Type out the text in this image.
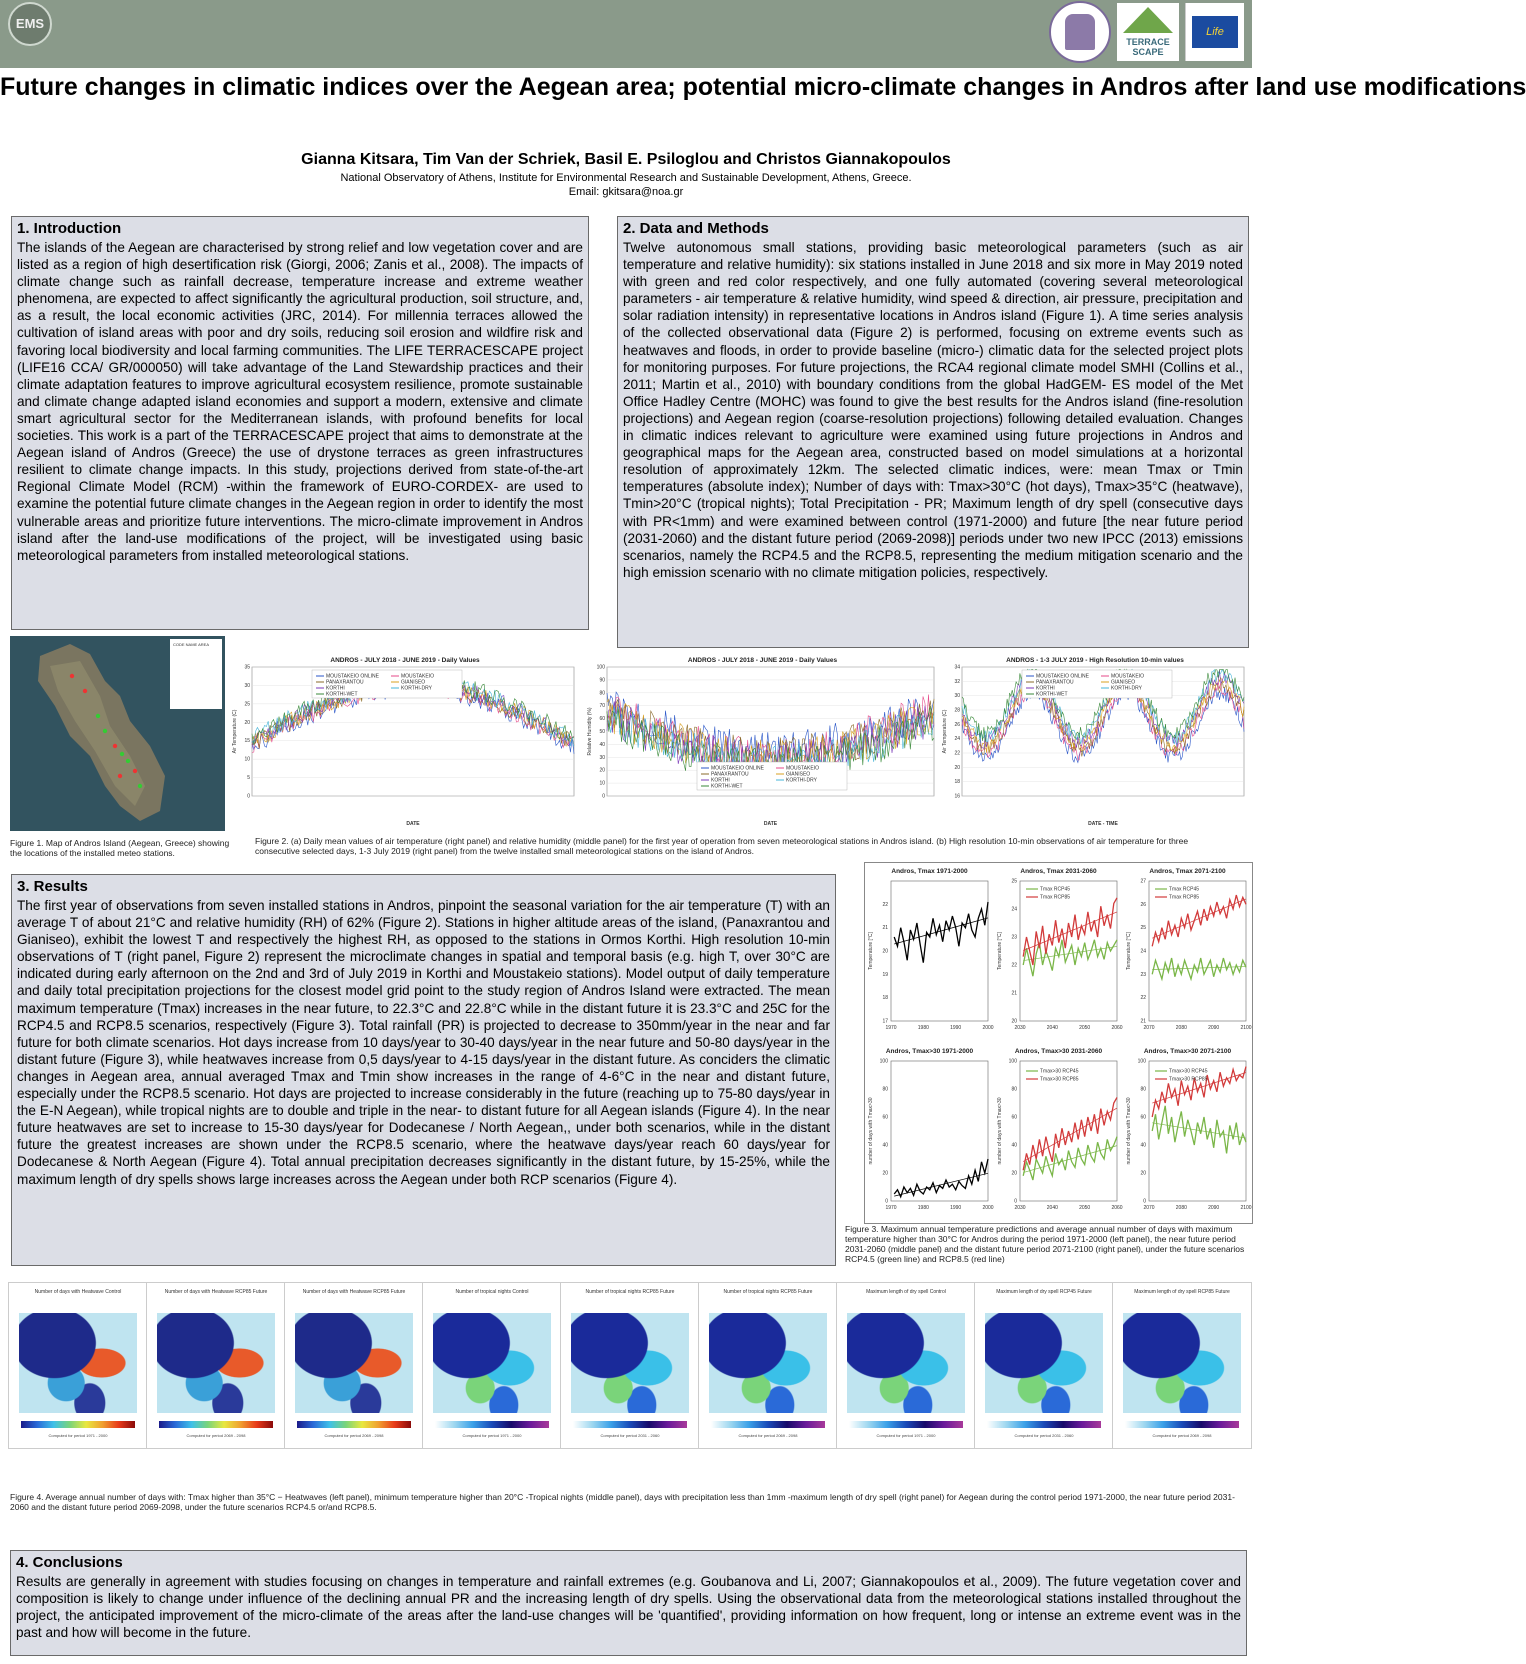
EMS
TERRACE SCAPE
Life
Future changes in climatic indices over the Aegean area; potential micro-climate changes in Andros after land use modifications
Gianna Kitsara, Tim Van der Schriek, Basil E. Psiloglou and Christos Giannakopoulos
National Observatory of Athens, Institute for Environmental Research and Sustainable Development, Athens, Greece.
Email: gkitsara@noa.gr
1. Introduction

The islands of the Aegean are characterised by strong relief and low vegetation cover and are listed as a region of high desertification risk (Giorgi, 2006; Zanis et al., 2008). The impacts of climate change such as rainfall decrease, temperature increase and extreme weather phenomena, are expected to affect significantly the agricultural production, soil structure, and, as a result, the local economic activities (JRC, 2014). For millennia terraces allowed the cultivation of island areas with poor and dry soils, reducing soil erosion and wildfire risk and favoring local biodiversity and local farming communities. The LIFE TERRACESCAPE project (LIFE16 CCA/ GR/000050) will take advantage of the Land Stewardship practices and their climate adaptation features to improve agricultural ecosystem resilience, promote sustainable and climate change adapted island economies and support a modern, extensive and climate smart agricultural sector for the Mediterranean islands, with profound benefits for local societies. This work is a part of the TERRACESCAPE project that aims to demonstrate at the Aegean island of Andros (Greece) the use of drystone terraces as green infrastructures resilient to climate change impacts. In this study, projections derived from state-of-the-art Regional Climate Model (RCM) -within the framework of EURO-CORDEX- are used to examine the potential future climate changes in the Aegean region in order to identify the most vulnerable areas and prioritize future interventions. The micro-climate improvement in Andros island after the land-use modifications of the project, will be investigated using basic meteorological parameters from installed meteorological stations.

2. Data and Methods

Twelve autonomous small stations, providing basic meteorological parameters (such as air temperature and relative humidity): six stations installed in June 2018 and six more in May 2019 noted with green and red color respectively, and one fully automated (covering several meteorological parameters - air temperature & relative humidity, wind speed & direction, air pressure, precipitation and solar radiation intensity) in representative locations in Andros island (Figure 1). A time series analysis of the collected observational data (Figure 2) is performed, focusing on extreme events such as heatwaves and floods, in order to provide baseline (micro-) climatic data for the selected project plots for monitoring purposes. For future projections, the RCA4 regional climate model SMHI (Collins et al., 2011; Martin et al., 2010) with boundary conditions from the global HadGEM- ES model of the Met Office Hadley Centre (MOHC) was found to give the best results for the Andros island (fine-resolution projections) and Aegean region (coarse-resolution projections) following detailed evaluation. Changes in climatic indices relevant to agriculture were examined using future projections in Andros and geographical maps for the Aegean area, constructed based on model simulations at a horizontal resolution of approximately 12km. The selected climatic indices, were: mean Tmax or Tmin temperatures (absolute index); Number of days with: Tmax>30°C (hot days), Tmax>35°C (heatwave), Tmin>20°C (tropical nights); Total Precipitation - PR; Maximum length of dry spell (consecutive days with PR<1mm) and were examined between control (1971-2000) and future [the near future period (2031-2060) and the distant future period (2069-2098)] periods under two new IPCC (2013) emissions scenarios, namely the RCP4.5 and the RCP8.5, representing the medium mitigation scenario and the high emission scenario with no climate mitigation policies, respectively.

CODE NAME AREA
Figure 1. Map of Andros Island (Aegean, Greece) showing the locations of the installed meteo stations.
ANDROS - JULY 2018 - JUNE 2019 - Daily Values
0
5
10
15
20
25
30
35
Air Temperature (C)
DATE
MOUSTAKEIO ONLINE	MOUSTAKEIO
PANAXRANTOU	GIANISEO
KORTHI	KORTHI-DRY
KORTHI-WET
ANDROS - JULY 2018 - JUNE 2019 - Daily Values
0
10
20
30
40
50
60
70
80
90
100
Relative Humidity (%)
DATE
MOUSTAKEIO ONLINE	MOUSTAKEIO
PANAXRANTOU	GIANISEO
KORTHI	KORTHI-DRY
KORTHI-WET
ANDROS - 1-3 JULY 2019 - High Resolution 10-min values
16
18
20
22
24
26
28
30
32
34
Air Temperature (C)
DATE - TIME
MOUSTAKEIO ONLINE	MOUSTAKEIO
PANAXRANTOU	GIANISEO
KORTHI	KORTHI-DRY
KORTHI-WET
Figure 2. (a) Daily mean values of air temperature (right panel) and relative humidity (middle panel) for the first year of operation from seven meteorological stations in Andros island. (b) High resolution 10-min observations of air temperature for three consecutive selected days, 1-3 July 2019 (right panel) from the twelve installed small meteorological stations on the island of Andros.
3. Results

The first year of observations from seven installed stations in Andros, pinpoint the seasonal variation for the air temperature (T) with an average T of about 21°C and relative humidity (RH) of 62% (Figure 2). Stations in higher altitude areas of the island, (Panaxrantou and Gianiseo), exhibit the lowest T and respectively the highest RH, as opposed to the stations in Ormos Korthi. High resolution 10-min observations of T (right panel, Figure 2) represent the microclimate changes in spatial and temporal basis (e.g. high T, over 30°C are indicated during early afternoon on the 2nd and 3rd of July 2019 in Korthi and Moustakeio stations). Model output of daily temperature and daily total precipitation projections for the closest model grid point to the study region of Andros Island were extracted. The mean maximum temperature (Tmax) increases in the near future, to 22.3°C and 22.8°C while in the distant future it is 23.3°C and 25C for the RCP4.5 and RCP8.5 scenarios, respectively (Figure 3). Total rainfall (PR) is projected to decrease to 350mm/year in the near and far future for both climate scenarios. Hot days increase from 10 days/year to 30-40 days/year in the near future and 50-80 days/year in the distant future (Figure 3), while heatwaves increase from 0,5 days/year to 4-15 days/year in the distant future. As conciders the climatic changes in Aegean area, annual averaged Tmax and Tmin show increases in the range of 4-6°C in the near and distant future, especially under the RCP8.5 scenario. Hot days are projected to increase considerably in the future (reaching up to 75-80 days/year in the E-N Aegean), while tropical nights are to double and triple in the near- to distant future for all Aegean islands (Figure 4). In the near future heatwaves are set to increase to 15-30 days/year for Dodecanese / North Aegean,, under both scenarios, while in the distant future the greatest increases are shown under the RCP8.5 scenario, where the heatwave days/year reach 60 days/year for Dodecanese & North Aegean (Figure 4). Total annual precipitation decreases significantly in the distant future, by 15-25%, while the maximum length of dry spells shows large increases across the Aegean under both RCP scenarios (Figure 4).

Andros, Tmax 1971-2000
1970	1980	1990	2000
17
18
19
20
21
22
Temperature [°C]
Andros, Tmax 2031-2060
2030	2040	2050	2060
20
21
22
23
24
25
Temperature [°C]
Tmax RCP45
Tmax RCP85
Andros, Tmax 2071-2100
2070	2080	2090	2100
21
22
23
24
25
26
27
Temperature [°C]
Tmax RCP45
Tmax RCP85
Andros, Tmax>30 1971-2000
1970	1980	1990	2000
0
20
40
60
80
100
number of days with Tmax>30
Andros, Tmax>30 2031-2060
2030	2040	2050	2060
0
20
40
60
80
100
number of days with Tmax>30
Tmax>30 RCP45
Tmax>30 RCP85
Andros, Tmax>30 2071-2100
2070	2080	2090	2100
0
20
40
60
80
100
number of days with Tmax>30
Tmax>30 RCP45
Tmax>30 RCP85
Figure 3. Maximum annual temperature predictions and average annual number of days with maximum temperature higher than 30°C for Andros during the period 1971-2000 (left panel), the near future period 2031-2060 (middle panel) and the distant future period 2071-2100 (right panel), under the future scenarios RCP4.5 (green line) and RCP8.5 (red line)
Number of days with Heatwave Control
Computed for period 1971 - 2000
Number of days with Heatwave RCP85 Future
Computed for period 2069 - 2098
Number of days with Heatwave RCP85 Future
Computed for period 2069 - 2098
Number of tropical nights Control
Computed for period 1971 - 2000
Number of tropical nights RCP85 Future
Computed for period 2031 - 2060
Number of tropical nights RCP85 Future
Computed for period 2069 - 2098
Maximum length of dry spell Control
Computed for period 1971 - 2000
Maximum length of dry spell RCP45 Future
Computed for period 2031 - 2060
Maximum length of dry spell RCP85 Future
Computed for period 2069 - 2098
Figure 4. Average annual number of days with: Tmax higher than 35°C − Heatwaves (left panel), minimum temperature higher than 20°C -Tropical nights (middle panel), days with precipitation less than 1mm -maximum length of dry spell (right panel) for Aegean during the control period 1971-2000, the near future period 2031-2060 and the distant future period 2069-2098, under the future scenarios RCP4.5 or/and RCP8.5.
4. Conclusions

Results are generally in agreement with studies focusing on changes in temperature and rainfall extremes (e.g. Goubanova and Li, 2007; Giannakopoulos et al., 2009). The future vegetation cover and composition is likely to change under influence of the declining annual PR and the increasing length of dry spells. Using the observational data from the meteorological stations installed throughout the project, the anticipated improvement of the micro-climate of the areas after the land-use changes will be 'quantified', providing information on how frequent, long or intense an extreme event was in the past and how will become in the future.
